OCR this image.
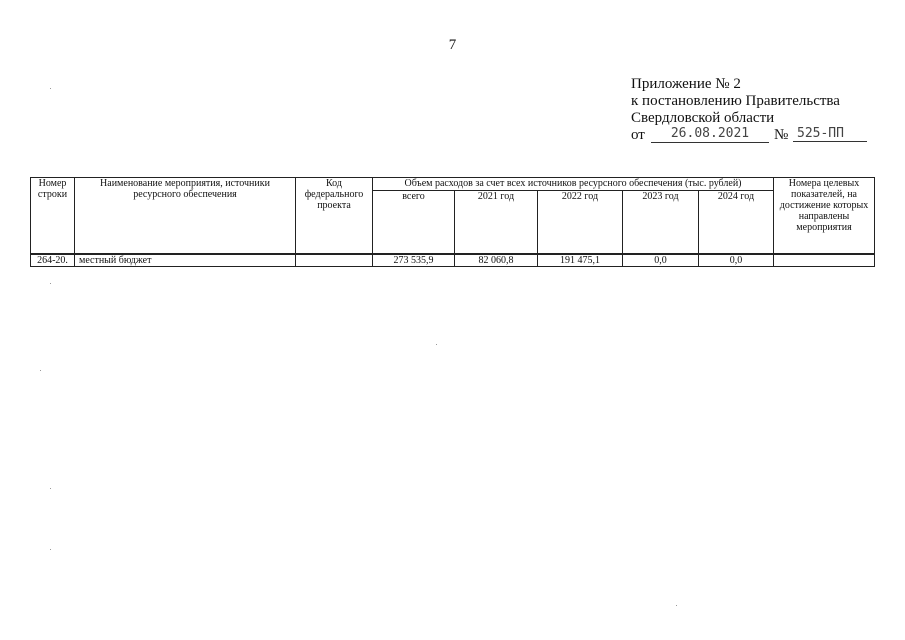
7
Приложение № 2
к постановлению Правительства
Свердловской области
от	26.08.2021	№ 525-ПП
Номер строки	Наименование мероприятия, источники ресурсного обеспечения	Код федерального проекта	Объем расходов за счет всех источников ресурсного обеспечения (тыс. рублей)					Номера целевых показателей, на достижение которых направлены мероприятия
			всего	2021 год	2022 год	2023 год	2024 год	
264-20.	местный бюджет		273 535,9	82 060,8	191 475,1	0,0	0,0	
